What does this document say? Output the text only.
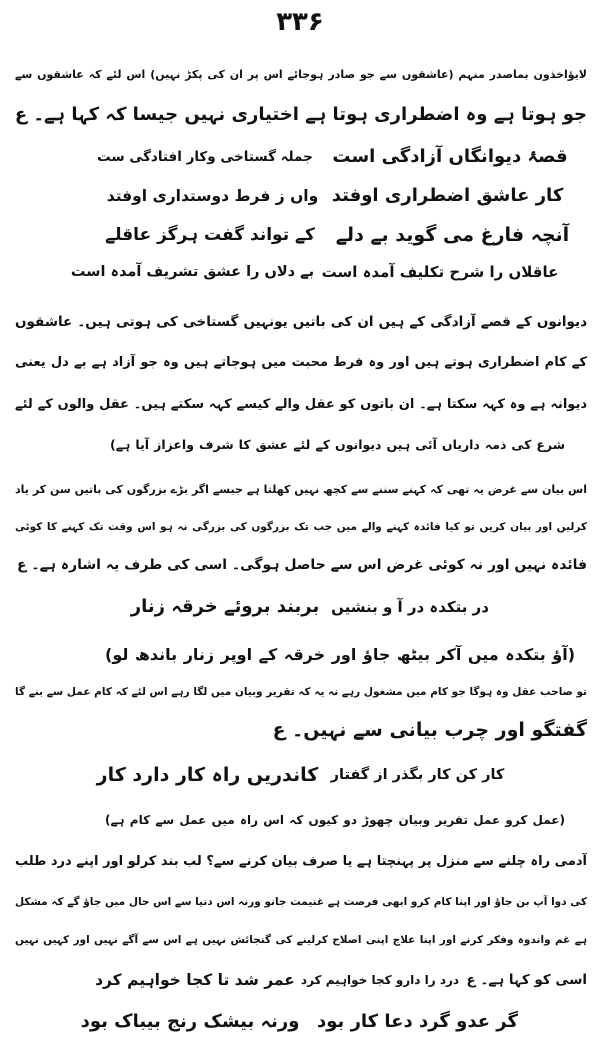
۳۳۶
لایؤاخذون بماصدر منہم (عاشقوں سے جو صادر ہوجائے اس پر ان کی پکڑ نہیں) اس لئے کہ عاشقوں سے
جو ہوتا ہے وہ اضطراری ہوتا ہے اختیاری نہیں جیسا کہ کہا ہے۔ ع
قصۂ دیوانگاں آزادگی است
جملہ گستاخی وکار افتادگی ست
کار عاشق اضطراری اوفتد
واں ز فرط دوستداری اوفتد
آنچہ فارغ می گوید بے دلے
کے تواند گفت ہرگز عاقلے
عاقلاں را شرح تکلیف آمدہ است
بے دلاں را عشق تشریف آمدہ است
دیوانوں کے قصے آزادگی کے ہیں ان کی باتیں یونہیں گستاخی کی ہوتی ہیں۔ عاشقوں
کے کام اضطراری ہوتے ہیں اور وہ فرط محبت میں ہوجاتے ہیں وہ جو آزاد ہے بے دل یعنی
دیوانہ ہے وہ کہہ سکتا ہے۔ ان باتوں کو عقل والے کیسے کہہ سکتے ہیں۔ عقل والوں کے لئے
شرع کی ذمہ داریاں آئی ہیں دیوانوں کے لئے عشق کا شرف واعزاز آیا ہے)
اس بیان سے غرض یہ تھی کہ کہنے سننے سے کچھ نہیں کھلتا ہے جیسے اگر بڑے بزرگوں کی باتیں سن کر یاد
کرلیں اور بیان کریں تو کیا فائدہ کہنے والے میں جب تک بزرگوں کی بزرگی نہ ہو اس وقت تک کہنے کا کوئی
فائدہ نہیں اور نہ کوئی غرض اس سے حاصل ہوگی۔ اسی کی طرف یہ اشارہ ہے۔ ع
در بتکدہ در آ و بنشیں
بربند بروئے خرقہ زنار
(آؤ بتکدہ میں آکر بیٹھ جاؤ اور خرقہ کے اوپر زنار باندھ لو)
تو صاحب عقل وہ ہوگا جو کام میں مشغول رہے نہ یہ کہ تقریر وبیان میں لگا رہے اس لئے کہ کام عمل سے بنے گا
گفتگو اور چرب بیانی سے نہیں۔ ع
کار کن کار بگذر از گفتار
کاندریں راہ کار دارد کار
(عمل کرو عمل تقریر وبیان چھوڑ دو کیوں کہ اس راہ میں عمل سے کام ہے)
آدمی راہ چلنے سے منزل پر پہنچتا ہے یا صرف بیان کرنے سے؟ لب بند کرلو اور اپنے درد طلب
کی دوا آپ بن جاؤ اور اپنا کام کرو ابھی فرصت ہے غنیمت جانو ورنہ اس دنیا سے اس حال میں جاؤ گے کہ مشکل
ہے غم واندوہ وفکر کرنے اور اپنا علاج اپنی اصلاح کرلینے کی گنجائش نہیں ہے اس سے آگے نہیں اور کہیں نہیں
اسی کو کہا ہے۔ ع
درد را دارو کجا خواہیم کرد
عمر شد تا کجا خواہیم کرد
گر عدو گرد دعا کار بود
ورنہ بیشک رنج بیباک بود
